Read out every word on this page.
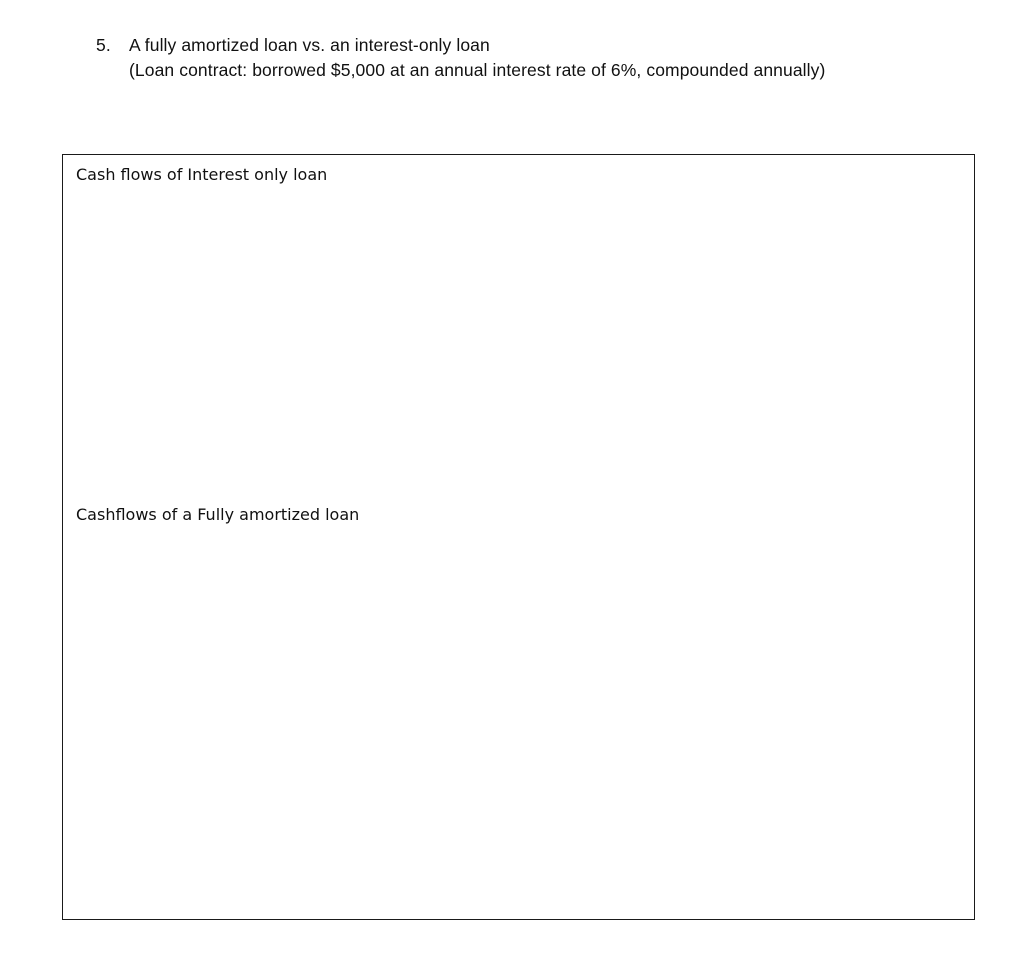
5.	A fully amortized loan vs. an interest-only loan
(Loan contract: borrowed $5,000 at an annual interest rate of 6%, compounded annually)
Cash flows of Interest only loan
Cashflows of a Fully amortized loan
